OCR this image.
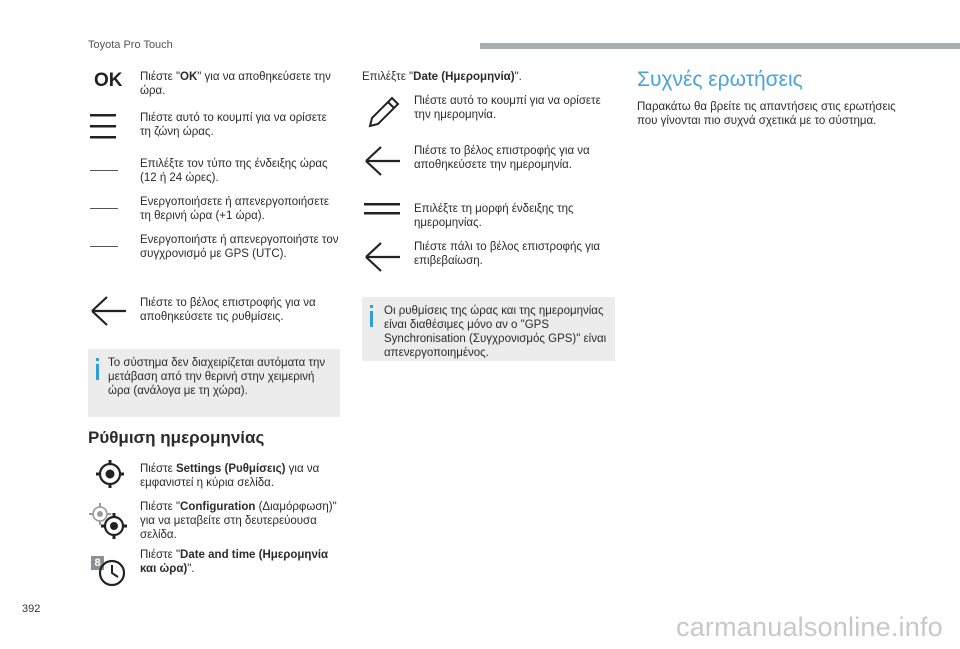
Toyota Pro Touch
OK Πιέστε "OK" για να αποθηκεύσετε την ώρα.
Πιέστε αυτό το κουμπί για να ορίσετε τη ζώνη ώρας.
Επιλέξτε τον τύπο της ένδειξης ώρας (12 ή 24 ώρες).
Ενεργοποιήσετε ή απενεργοποιήσετε τη θερινή ώρα (+1 ώρα).
Ενεργοποιήστε ή απενεργοποιήστε τον συγχρονισμό με GPS (UTC).
Πιέστε το βέλος επιστροφής για να αποθηκεύσετε τις ρυθμίσεις.
Το σύστημα δεν διαχειρίζεται αυτόματα την μετάβαση από την θερινή στην χειμερινή ώρα (ανάλογα με τη χώρα).
Ρύθμιση ημερομηνίας
Πιέστε Settings (Ρυθμίσεις) για να εμφανιστεί η κύρια σελίδα.
Πιέστε "Configuration (Διαμόρφωση)" για να μεταβείτε στη δευτερεύουσα σελίδα.
8
Πιέστε "Date and time (Ημερομηνία και ώρα)".
Επιλέξτε "Date (Ημερομηνία)".
Πιέστε αυτό το κουμπί για να ορίσετε την ημερομηνία.
Πιέστε το βέλος επιστροφής για να αποθηκεύσετε την ημερομηνία.
Επιλέξτε τη μορφή ένδειξης της ημερομηνίας.
Πιέστε πάλι το βέλος επιστροφής για επιβεβαίωση.
Οι ρυθμίσεις της ώρας και της ημερομηνίας είναι διαθέσιμες μόνο αν ο "GPS Synchronisation (Συγχρονισμός GPS)" είναι απενεργοποιημένος.
Συχνές ερωτήσεις
Παρακάτω θα βρείτε τις απαντήσεις στις ερωτήσεις που γίνονται πιο συχνά σχετικά με το σύστημα.
392
carmanualsonline.info
